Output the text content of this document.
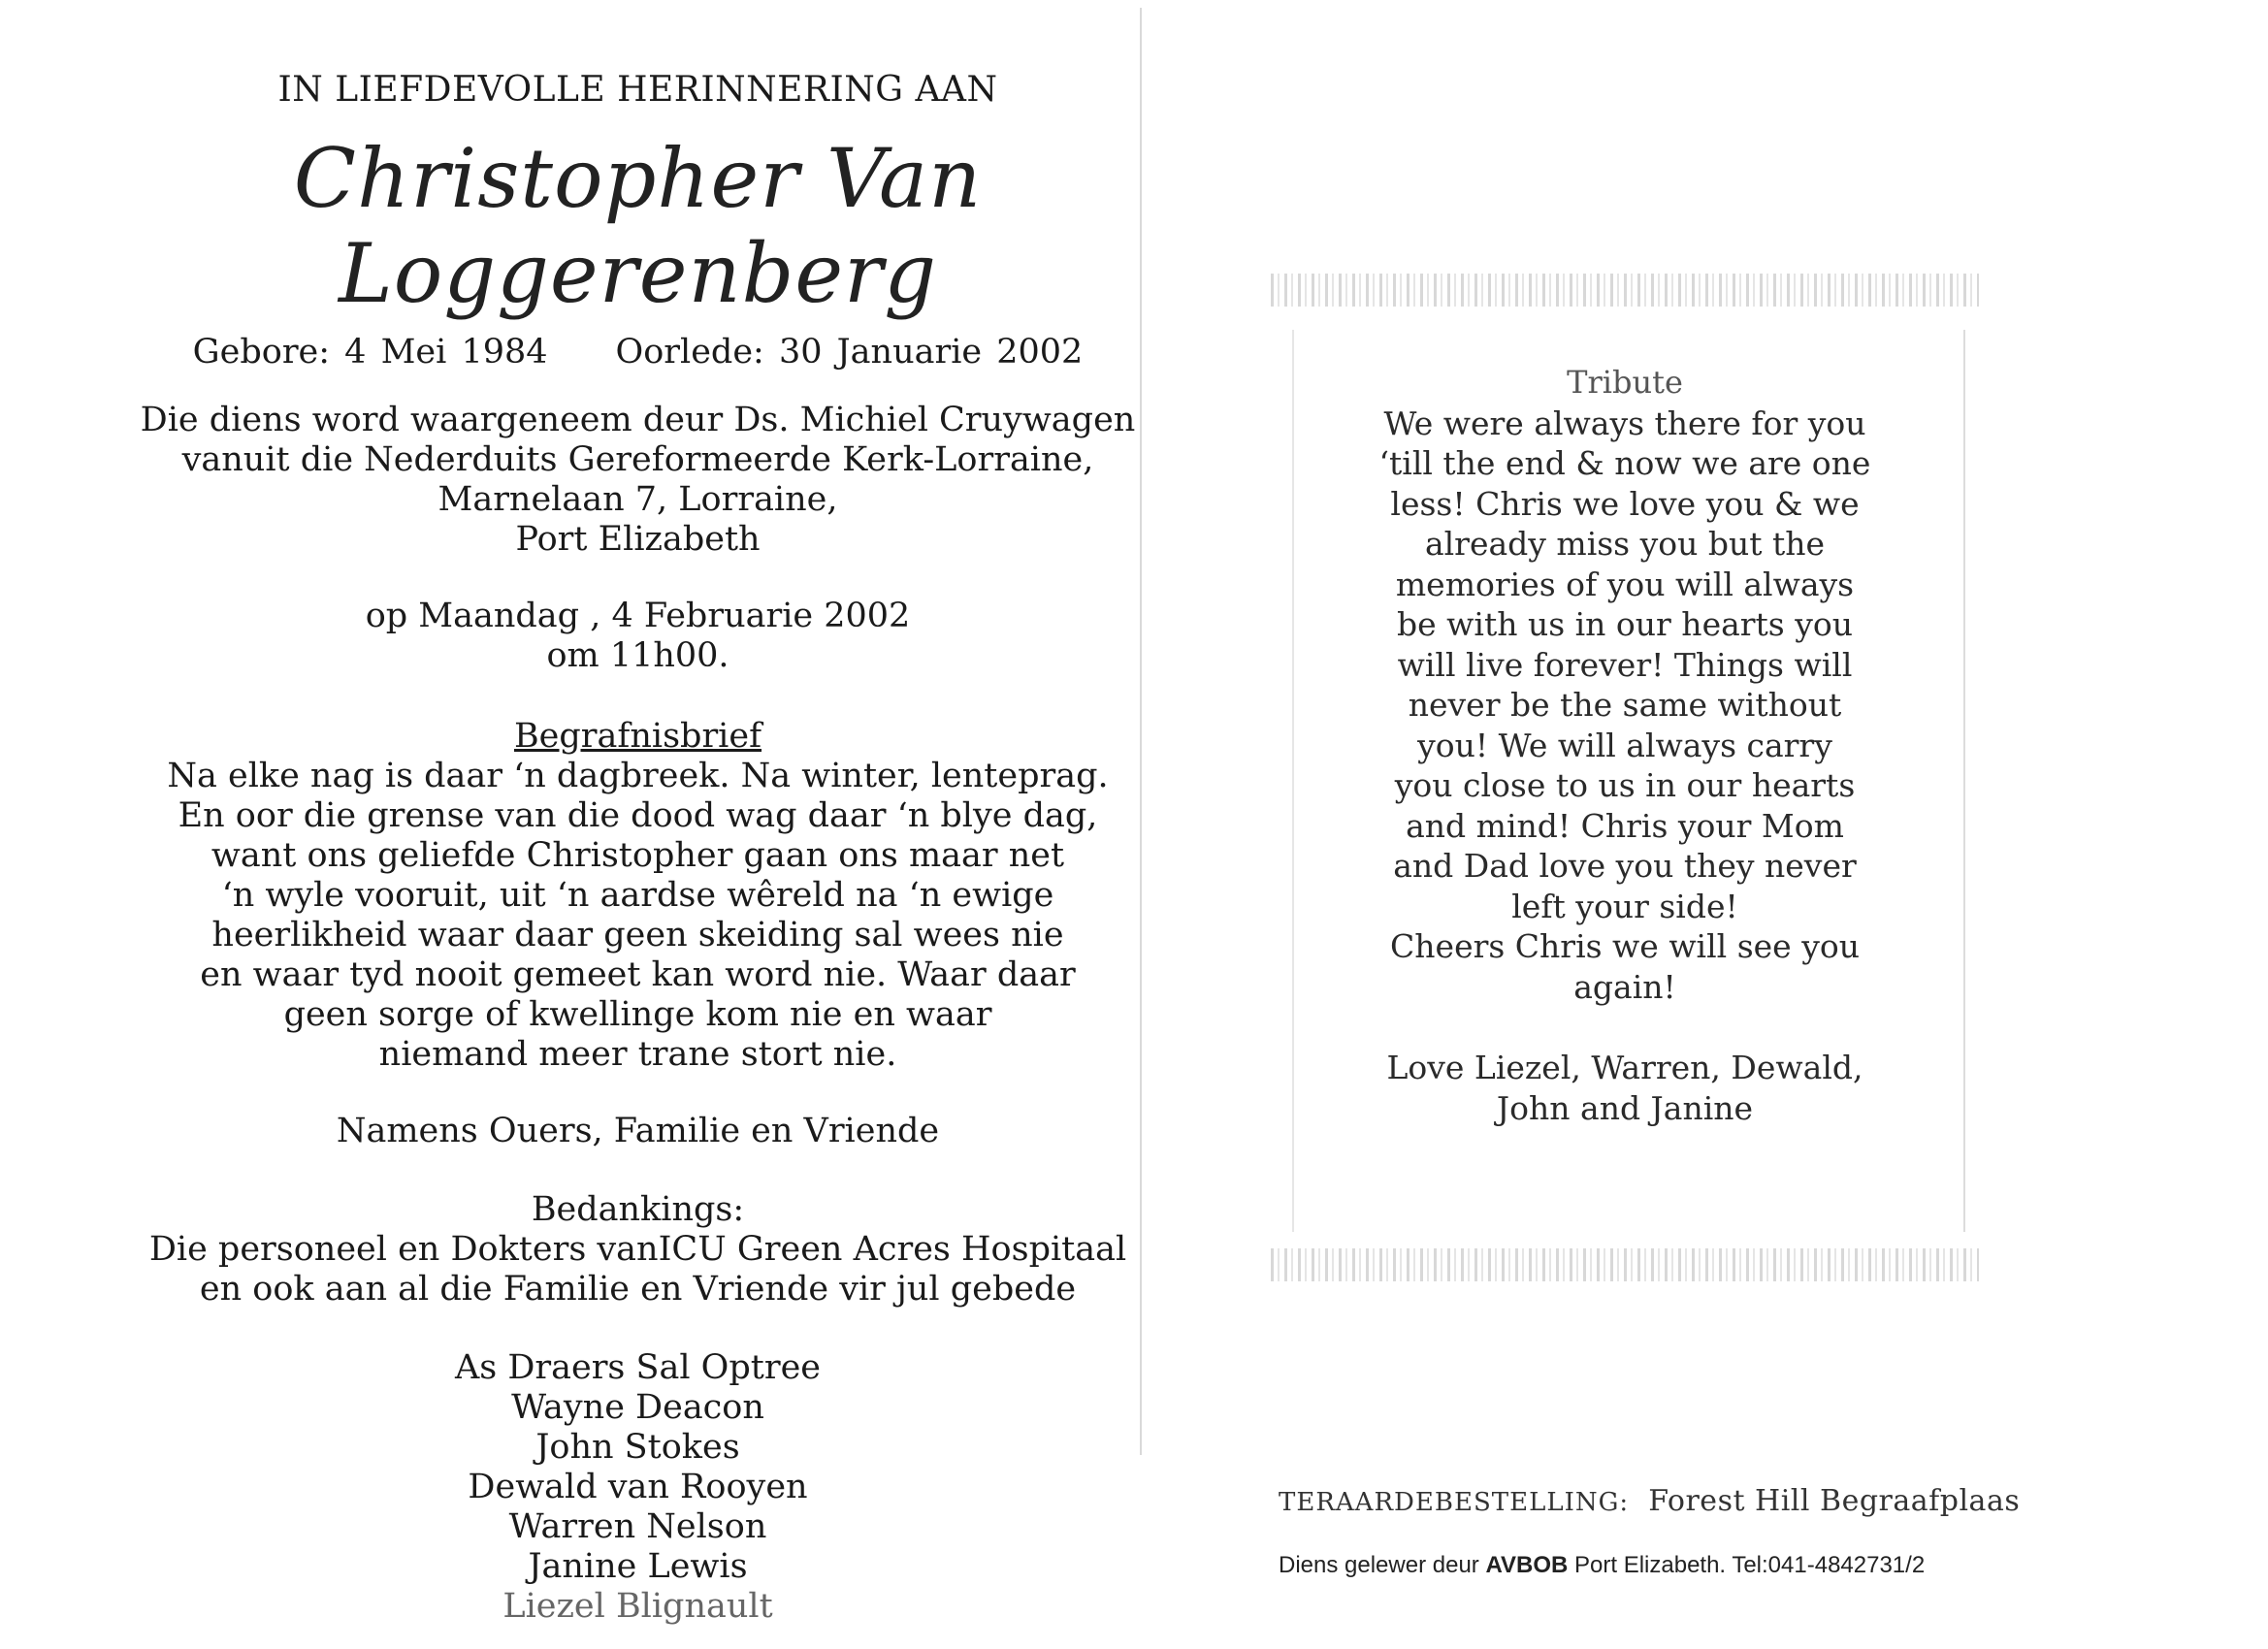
IN LIEFDEVOLLE HERINNERING AAN
Christopher Van Loggerenberg
Gebore: 4 Mei 1984 Oorlede: 30 Januarie 2002
Die diens word waargeneem deur Ds. Michiel Cruywagen
vanuit die Nederduits Gereformeerde Kerk-Lorraine,
Marnelaan 7, Lorraine,
Port Elizabeth
op Maandag , 4 Februarie 2002
om 11h00.
Begrafnisbrief
Na elke nag is daar ‘n dagbreek. Na winter, lenteprag.
En oor die grense van die dood wag daar ‘n blye dag,
want ons geliefde Christopher gaan ons maar net
‘n wyle vooruit, uit ‘n aardse wêreld na ‘n ewige
heerlikheid waar daar geen skeiding sal wees nie
en waar tyd nooit gemeet kan word nie. Waar daar
geen sorge of kwellinge kom nie en waar
niemand meer trane stort nie.
Namens Ouers, Familie en Vriende
Bedankings:
Die personeel en Dokters vanICU Green Acres Hospitaal
en ook aan al die Familie en Vriende vir jul gebede
As Draers Sal Optree
Wayne Deacon
John Stokes
Dewald van Rooyen
Warren Nelson
Janine Lewis
Liezel Blignault
Tribute
We were always there for you
‘till the end & now we are one
less! Chris we love you & we
already miss you but the
memories of you will always
be with us in our hearts you
will live forever! Things will
never be the same without
you! We will always carry
you close to us in our hearts
and mind! Chris your Mom
and Dad love you they never
left your side!
Cheers Chris we will see you
again!
Love Liezel, Warren, Dewald,
John and Janine
TERAARDEBESTELLING: Forest Hill Begraafplaas
Diens gelewer deur AVBOB Port Elizabeth. Tel:041-4842731/2
